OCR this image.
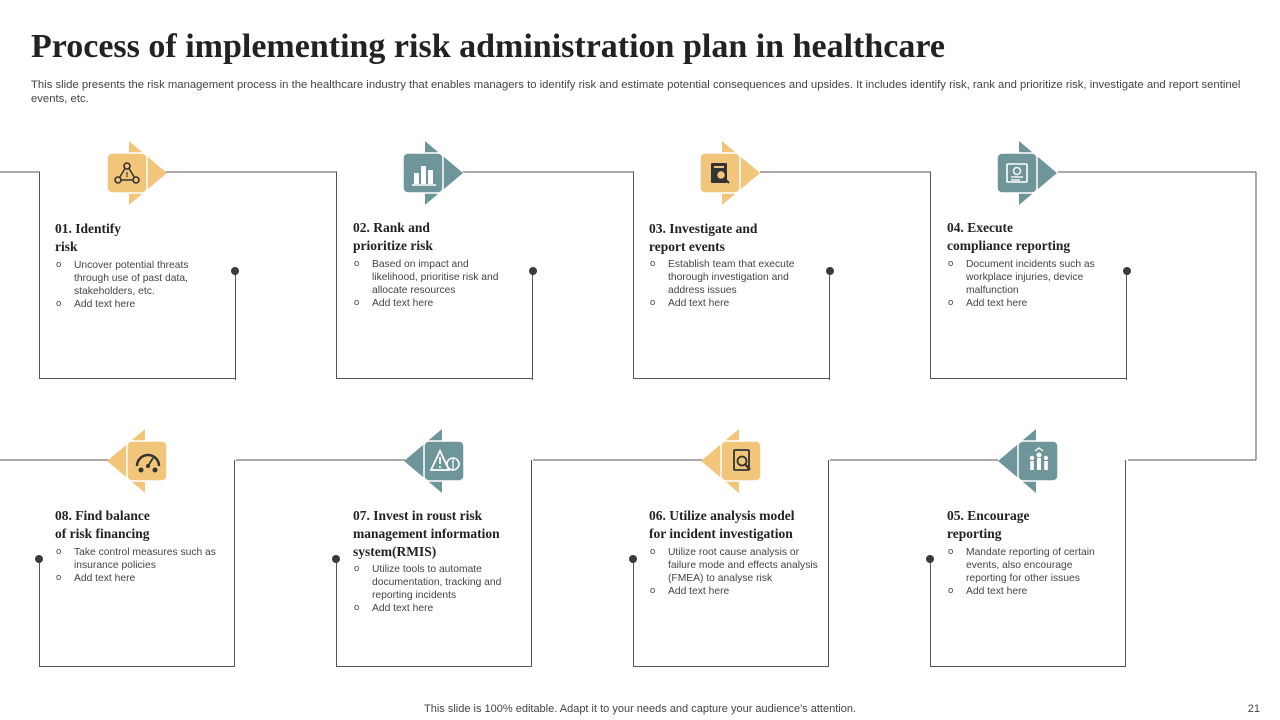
Process of implementing risk administration plan in healthcare

This slide presents the risk management process in the healthcare industry that enables managers to identify risk and estimate potential consequences and upsides. It includes identify risk, rank and prioritize risk, investigate and report sentinel events, etc.

!
01. Identify
risk
o Uncover potential threats through use of past data, stakeholders, etc.
o Add text here
02. Rank and
prioritize risk
o Based on impact and likelihood, prioritise risk and allocate resources
o Add text here
03. Investigate and
report events
o Establish team that execute thorough investigation and address issues
o Add text here
04. Execute
compliance reporting
o Document incidents such as workplace injuries, device malfunction
o Add text here
08. Find balance
of risk financing
o Take control measures such as insurance policies
o Add text here
07. Invest in roust risk
management information
system(RMIS)
o Utilize tools to automate documentation, tracking and reporting incidents
o Add text here
06. Utilize analysis model
for incident investigation
o Utilize root cause analysis or failure mode and effects analysis (FMEA) to analyse risk
o Add text here
05. Encourage
reporting
o Mandate reporting of certain events, also encourage reporting for other issues
o Add text here
This slide is 100% editable. Adapt it to your needs and capture your audience's attention.	21
